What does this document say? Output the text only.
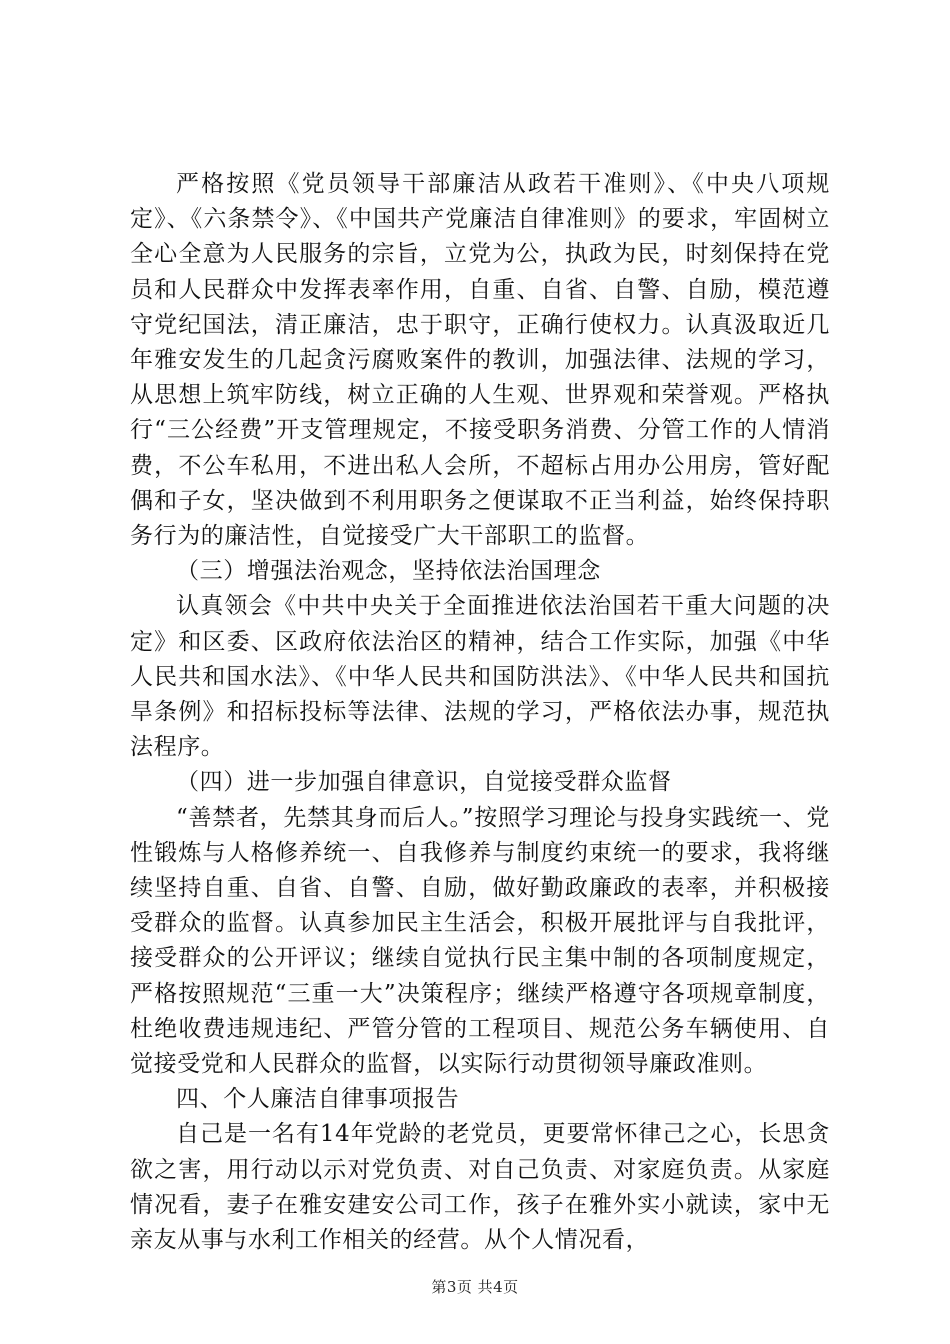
严格按照《党员领导干部廉洁从政若干准则》、《中央八项规定》、《六条禁令》、《中国共产党廉洁自律准则》的要求，牢固树立全心全意为人民服务的宗旨，立党为公，执政为民，时刻保持在党员和人民群众中发挥表率作用，自重、自省、自警、自励，模范遵守党纪国法，清正廉洁，忠于职守，正确行使权力。认真汲取近几年雅安发生的几起贪污腐败案件的教训，加强法律、法规的学习，从思想上筑牢防线，树立正确的人生观、世界观和荣誉观。严格执行“三公经费”开支管理规定，不接受职务消费、分管工作的人情消费，不公车私用，不进出私人会所，不超标占用办公用房，管好配偶和子女，坚决做到不利用职务之便谋取不正当利益，始终保持职务行为的廉洁性，自觉接受广大干部职工的监督。

（三）增强法治观念，坚持依法治国理念

认真领会《中共中央关于全面推进依法治国若干重大问题的决定》和区委、区政府依法治区的精神，结合工作实际，加强《中华人民共和国水法》、《中华人民共和国防洪法》、《中华人民共和国抗旱条例》和招标投标等法律、法规的学习，严格依法办事，规范执法程序。

（四）进一步加强自律意识，自觉接受群众监督

“善禁者，先禁其身而后人。”按照学习理论与投身实践统一、党性锻炼与人格修养统一、自我修养与制度约束统一的要求，我将继续坚持自重、自省、自警、自励，做好勤政廉政的表率，并积极接受群众的监督。认真参加民主生活会，积极开展批评与自我批评，接受群众的公开评议；继续自觉执行民主集中制的各项制度规定，严格按照规范“三重一大”决策程序；继续严格遵守各项规章制度，杜绝收费违规违纪、严管分管的工程项目、规范公务车辆使用、自觉接受党和人民群众的监督，以实际行动贯彻领导廉政准则。

四、个人廉洁自律事项报告

自己是一名有14年党龄的老党员，更要常怀律己之心，长思贪欲之害，用行动以示对党负责、对自己负责、对家庭负责。从家庭情况看，妻子在雅安建安公司工作，孩子在雅外实小就读，家中无亲友从事与水利工作相关的经营。从个人情况看，

第3页 共4页
